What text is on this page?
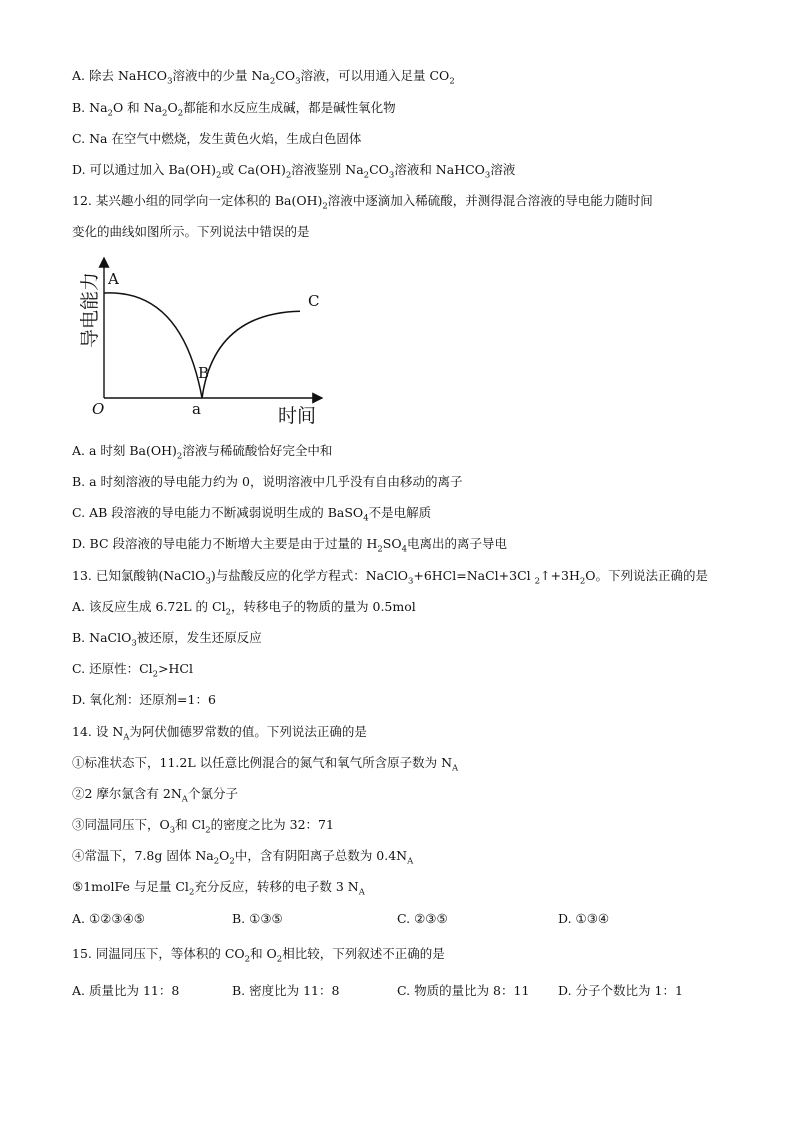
A. 除去 NaHCO$_3$溶液中的少量 $Na_2CO_3$溶液，可以用通入足量 $CO_2$
B. $Na_2O$ 和 $Na_2O_2$都能和水反应生成碱，都是碱性氧化物
C. Na 在空气中燃烧，发生黄色火焰，生成白色固体
D. 可以通过加入 $Ba(OH)_2$或 $Ca(OH)_2$溶液鉴别 $Na_2CO_3$溶液和 NaHCO$_3$溶液
12. 某兴趣小组的同学向一定体积的 $Ba(OH)_2$溶液中逐滴加入稀硫酸，并测得混合溶液的导电能力随时间
变化的曲线如图所示。下列说法中错误的是
导电能力
时间
O	a
A
B
C
A. a 时刻 $Ba(OH)_2$溶液与稀硫酸恰好完全中和
B. a 时刻溶液的导电能力约为 0，说明溶液中几乎没有自由移动的离子
C. AB 段溶液的导电能力不断减弱说明生成的 BaSO$_4$不是电解质
D. BC 段溶液的导电能力不断增大主要是由于过量的 $H_2SO_4$电离出的离子导电
13. 已知氯酸钠(NaClO$_3$)与盐酸反应的化学方程式：NaClO$_3$+6HCl=NaCl+3Cl $_2↑+3H_2O$。下列说法正确的是
A. 该反应生成 6.72L 的 $Cl_2$，转移电子的物质的量为 0.5mol
B. NaClO$_3$被还原，发生还原反应
C. 还原性：$Cl_2>HCl$
D. 氧化剂：还原剂=1：6
14. 设 $N_A$为阿伏伽德罗常数的值。下列说法正确的是
①标准状态下，11.2L 以任意比例混合的氮气和氧气所含原子数为 $N_A$
②2 摩尔氯含有 $2N_A$个氯分子
③同温同压下，$O_3$和 $Cl_2$的密度之比为 32：71
④常温下，7.8g 固体 $Na_2O_2$中，含有阴阳离子总数为 $0.4N_A$
⑤1molFe 与足量 $Cl_2$充分反应，转移的电子数 3 $N_A$
A. ①②③④⑤	B. ①③⑤	C. ②③⑤	D. ①③④
15. 同温同压下，等体积的 $CO_2$和 $O_2$相比较，下列叙述不正确的是
A. 质量比为 11：8	B. 密度比为 11：8	C. 物质的量比为 8：11 D. 分子个数比为 1：1
